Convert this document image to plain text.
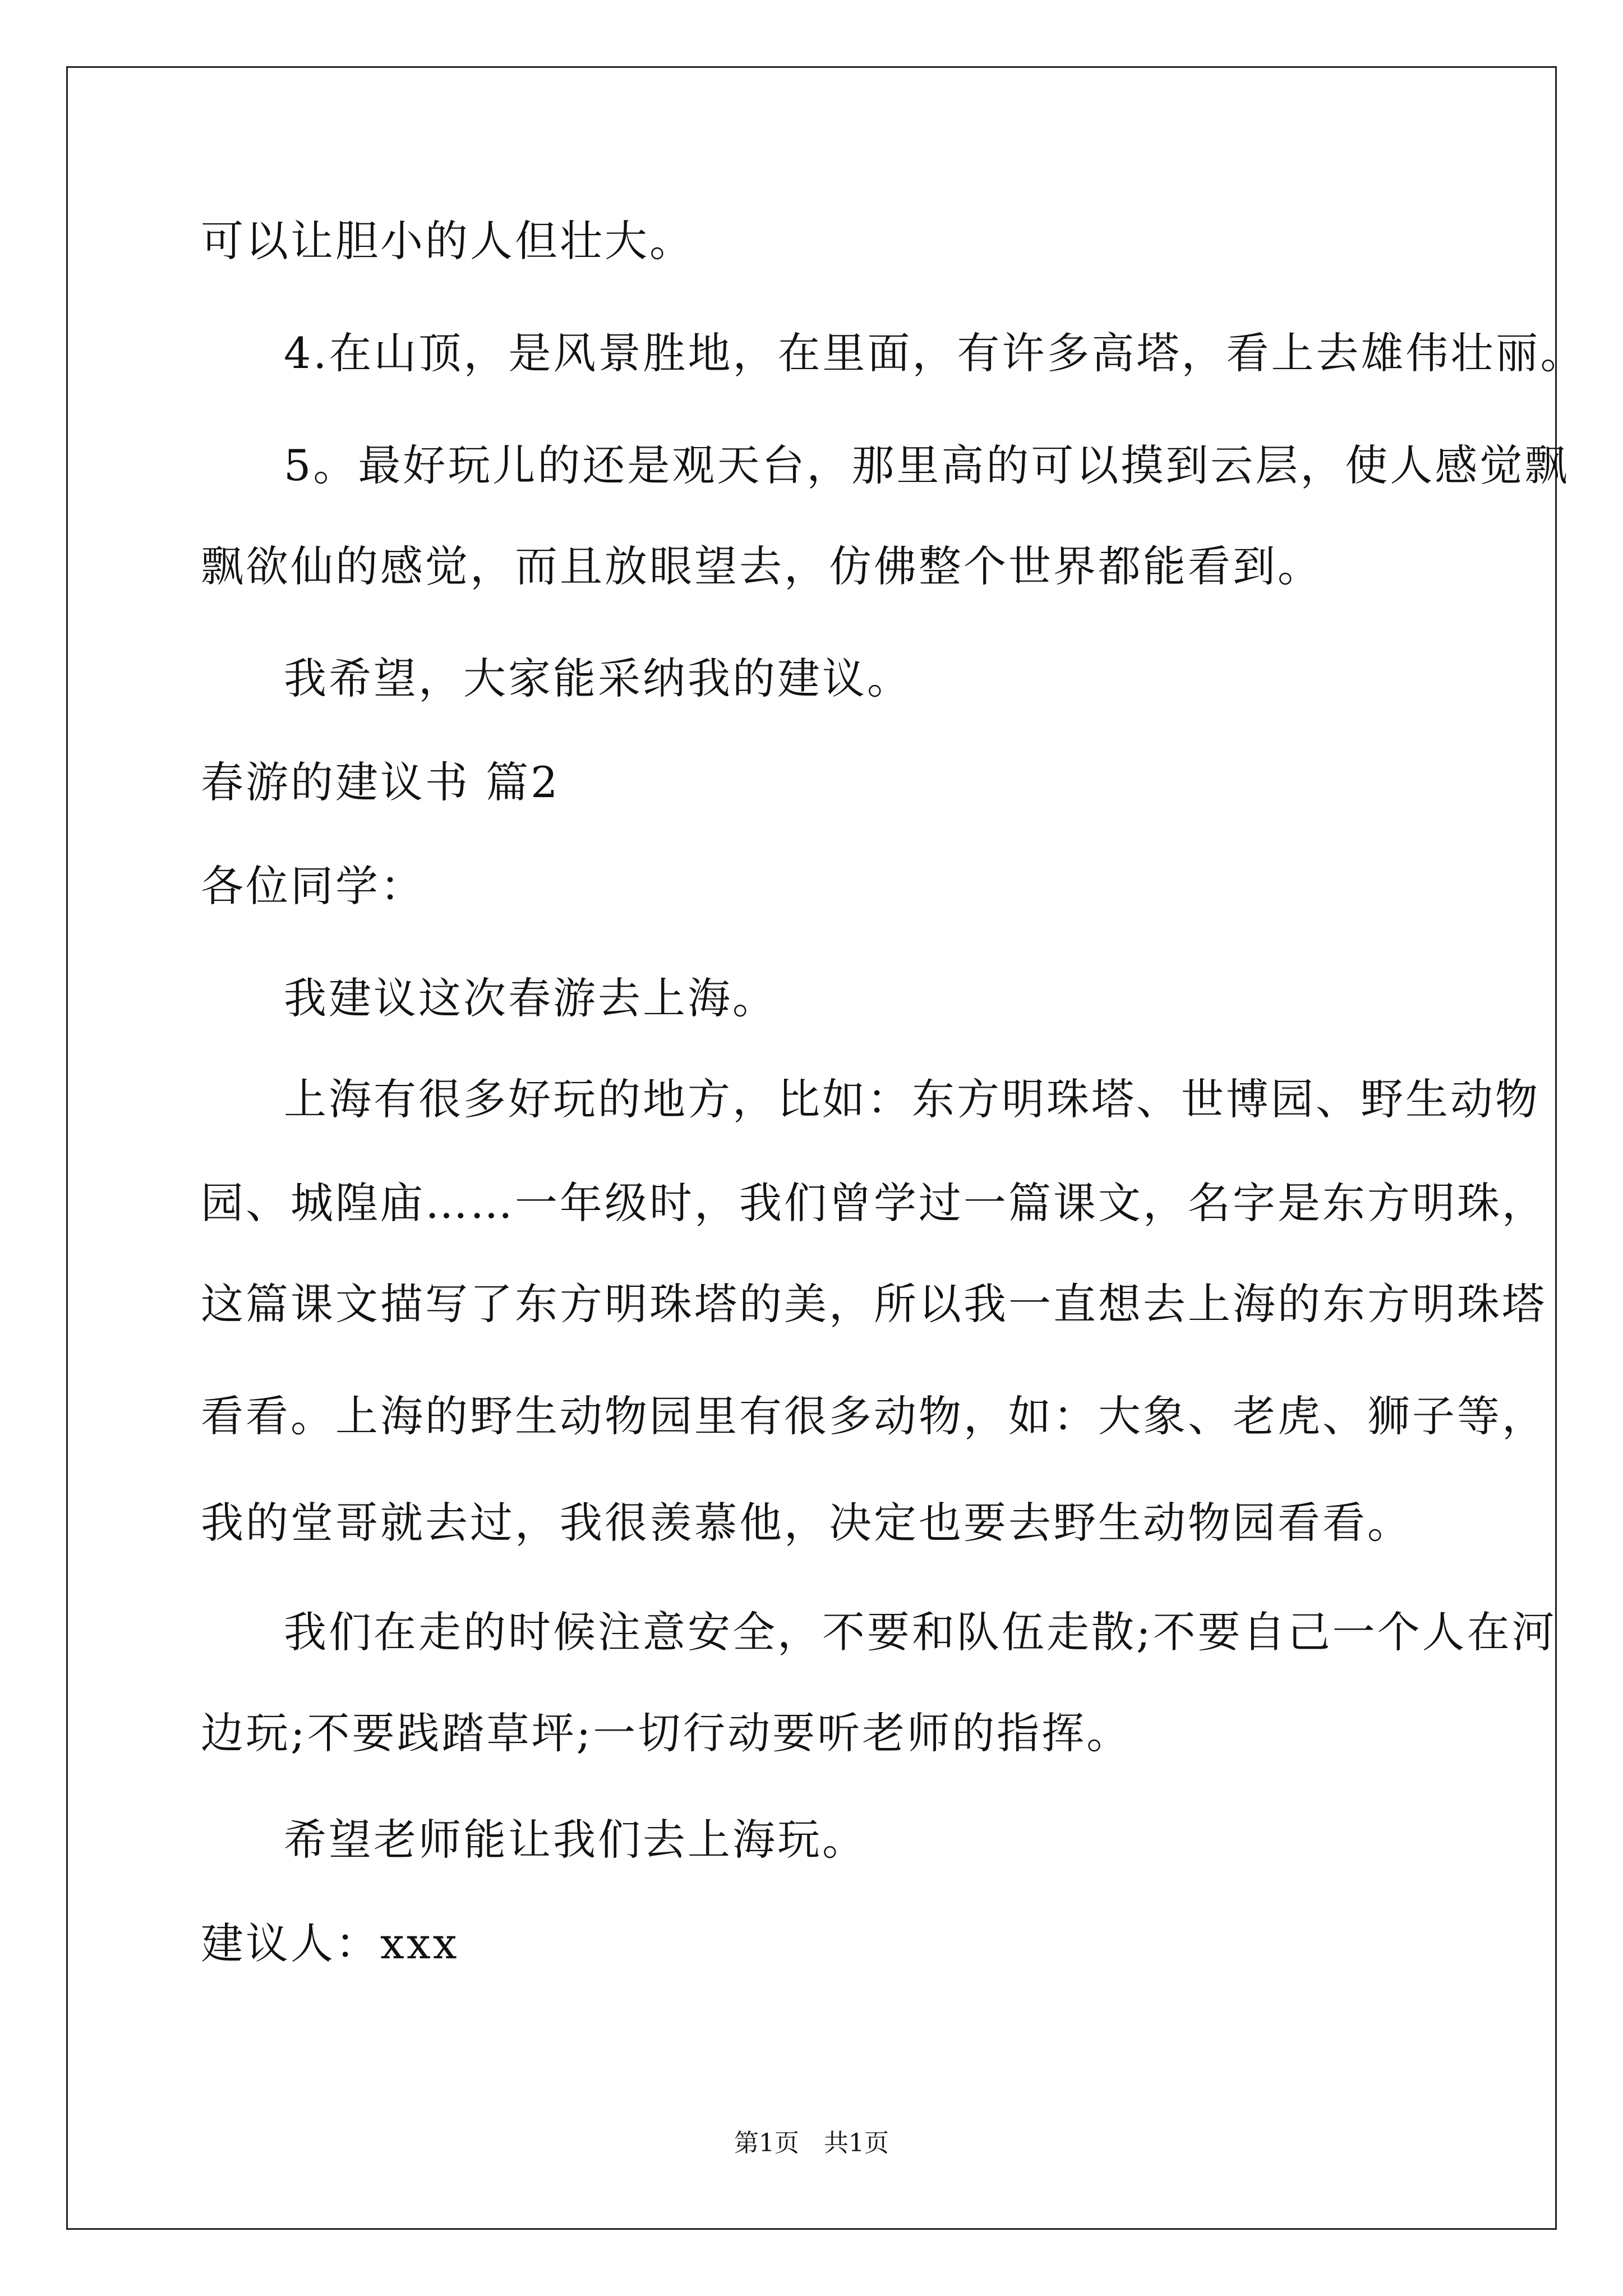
可以让胆小的人但壮大。
4.在山顶，是风景胜地，在里面，有许多高塔，看上去雄伟壮丽。
5。最好玩儿的还是观天台，那里高的可以摸到云层，使人感觉飘
飘欲仙的感觉，而且放眼望去，仿佛整个世界都能看到。
我希望，大家能采纳我的建议。
春游的建议书 篇2
各位同学：
我建议这次春游去上海。
上海有很多好玩的地方，比如：东方明珠塔、世博园、野生动物
园、城隍庙……一年级时，我们曾学过一篇课文，名字是东方明珠，
这篇课文描写了东方明珠塔的美，所以我一直想去上海的东方明珠塔
看看。上海的野生动物园里有很多动物，如：大象、老虎、狮子等，
我的堂哥就去过，我很羡慕他，决定也要去野生动物园看看。
我们在走的时候注意安全，不要和队伍走散;不要自己一个人在河
边玩;不要践踏草坪;一切行动要听老师的指挥。
希望老师能让我们去上海玩。
建议人：xxx
第1页 共1页
